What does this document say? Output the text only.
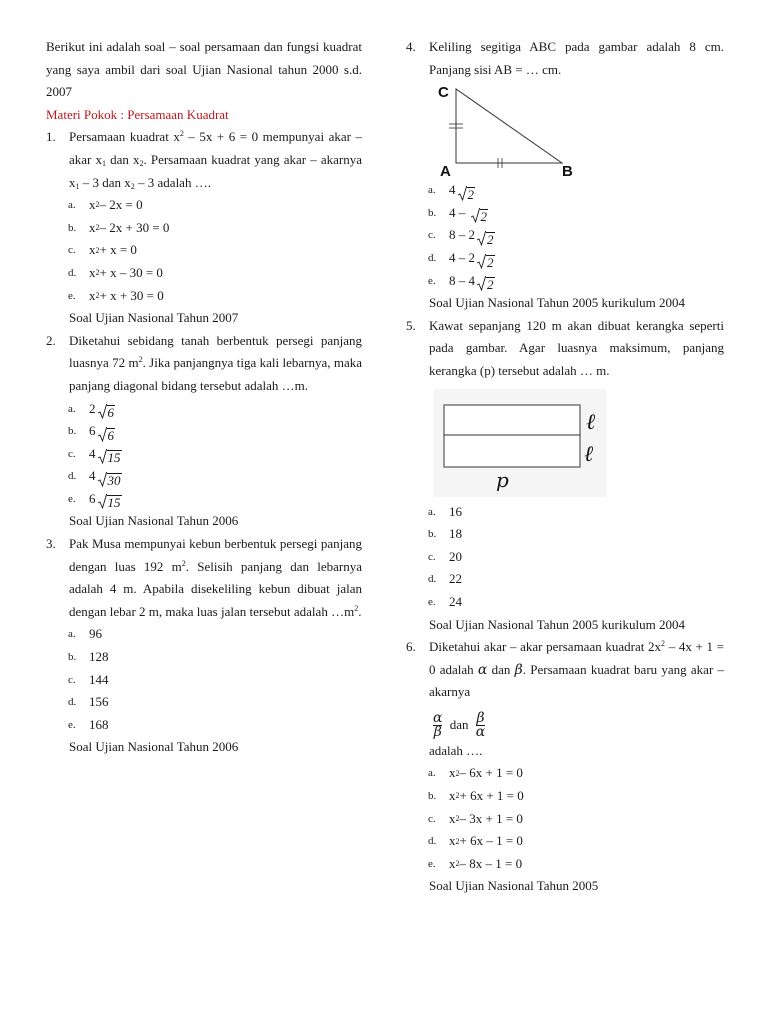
Berikut ini adalah soal – soal persamaan dan fungsi kuadrat yang saya ambil dari soal Ujian Nasional tahun 2000 s.d. 2007
Materi Pokok : Persamaan Kuadrat
1. Persamaan kuadrat $x^2 - 5x + 6 = 0$ mempunyai akar – akar $x_1$ dan $x_2$. Persamaan kuadrat yang akar – akarnya $x_1 - 3$ dan $x_2 - 3$ adalah ….
a.	x 2 – 2x = 0
b. x 2 – 2x + 30 = 0
c.	x 2 + x = 0
d. x 2 + x – 30 = 0
e.	x 2 + x + 30 = 0
Soal Ujian Nasional Tahun 2007
2. Diketahui sebidang tanah berbentuk persegi panjang luasnya 72 $m^2$. Jika panjangnya tiga kali lebarnya, maka panjang diagonal bidang tersebut adalah …m.
a.	2 6
b. 6 6
c.	4 15
d. 4 30
e.	6 15
Soal Ujian Nasional Tahun 2006
3. Pak Musa mempunyai kebun berbentuk persegi panjang dengan luas 192 $m^2$. Selisih panjang dan lebarnya adalah 4 m. Apabila disekeliling kebun dibuat jalan dengan lebar 2 m, maka luas jalan tersebut adalah $\dots m^2$.
a.	96
b. 128
c.	144
d. 156
e.	168
Soal Ujian Nasional Tahun 2006
4. Keliling segitiga ABC pada gambar adalah 8 cm. Panjang sisi AB = … cm.
C
A	B
a.	4 2
b. 4 – 2
c.	8 – 2 2
d. 4 – 2 2
e.	8 – 4 2
Soal Ujian Nasional Tahun 2005 kurikulum 2004
5. Kawat sepanjang 120 m akan dibuat kerangka seperti pada gambar. Agar luasnya maksimum, panjang kerangka (p) tersebut adalah … m.
ℓ
ℓ
p
a.	16
b. 18
c.	20
d. 22
e.	24
Soal Ujian Nasional Tahun 2005 kurikulum 2004
6. Diketahui akar – akar persamaan kuadrat $2x^2 - 4x + 1 = 0$ adalah α dan β. Persamaan kuadrat baru yang akar – akarnya
$\frac{\alpha}{\beta}$ dan $\frac{\beta}{\alpha}$
adalah ….
a.	x 2 – 6x + 1 = 0
b. x 2 + 6x + 1 = 0
c.	x 2 – 3x + 1 = 0
d. x 2 + 6x – 1 = 0
e.	x 2 – 8x – 1 = 0
Soal Ujian Nasional Tahun 2005
